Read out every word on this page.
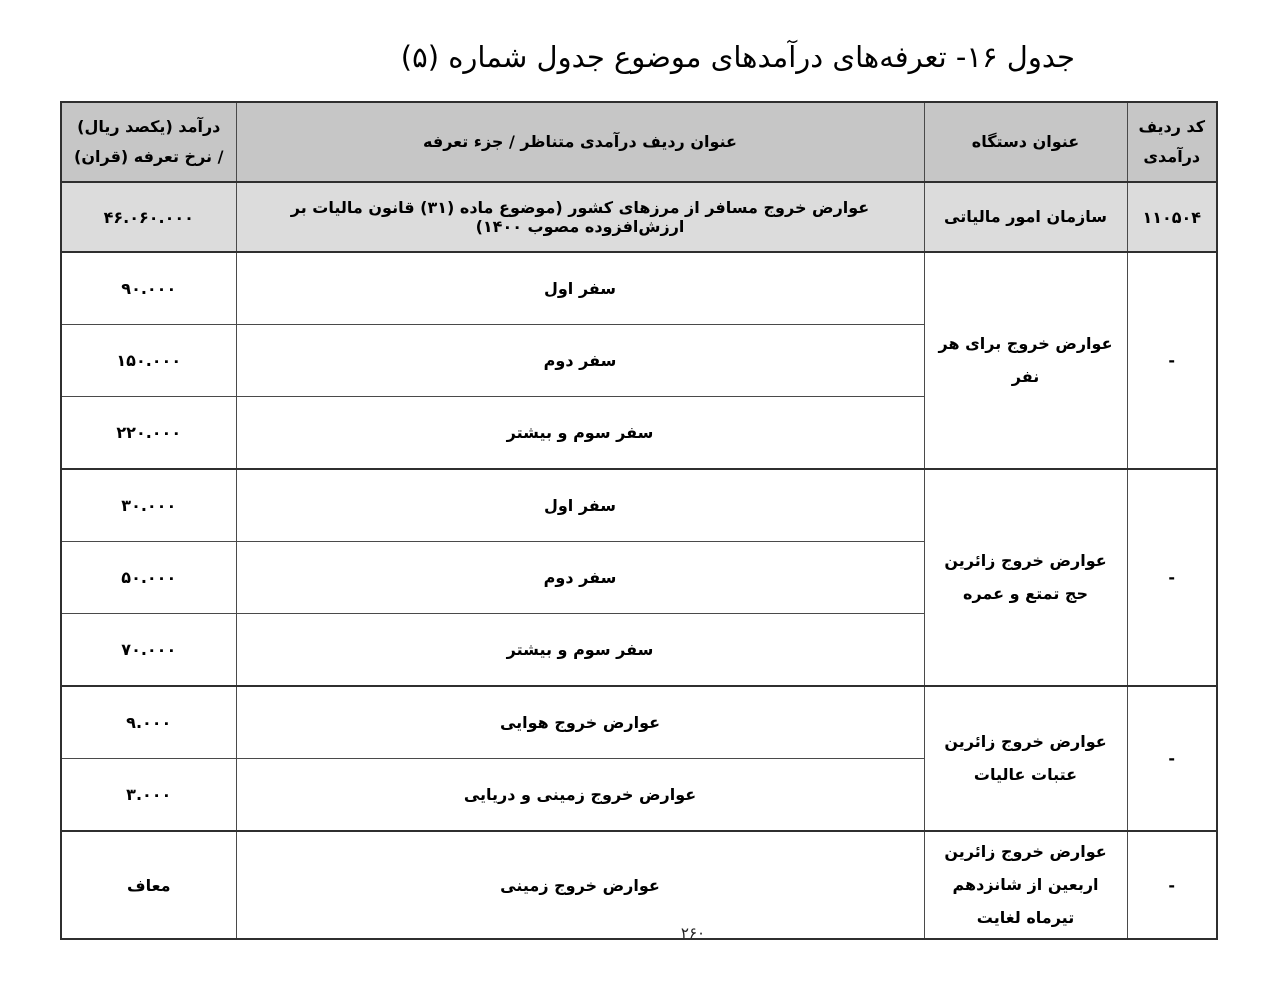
جدول ۱۶- تعرفه‌های درآمدهای موضوع جدول شماره (۵)
کد ردیف درآمدی	عنوان دستگاه	عنوان ردیف درآمدی متناظر / جزء تعرفه	درآمد (یکصد ریال) / نرخ تعرفه (قران)
۱۱۰۵۰۴	سازمان امور مالیاتی	عوارض خروج مسافر از مرزهای کشور (موضوع ماده (۳۱) قانون مالیات بر ارزش‌افزوده مصوب ۱۴۰۰)	۴۶.۰۶۰.۰۰۰
-	عوارض خروج برای هر نفر	سفر اول	۹۰.۰۰۰
		سفر دوم	۱۵۰.۰۰۰
		سفر سوم و بیشتر	۲۲۰.۰۰۰
-	عوارض خروج زائرین حج تمتع و عمره	سفر اول	۳۰.۰۰۰
		سفر دوم	۵۰.۰۰۰
		سفر سوم و بیشتر	۷۰.۰۰۰
-	عوارض خروج زائرین عتبات عالیات	عوارض خروج هوایی	۹.۰۰۰
		عوارض خروج زمینی و دریایی	۳.۰۰۰
-	عوارض خروج زائرین اربعین از شانزدهم تیرماه لغایت	عوارض خروج زمینی	معاف
۲۶۰
